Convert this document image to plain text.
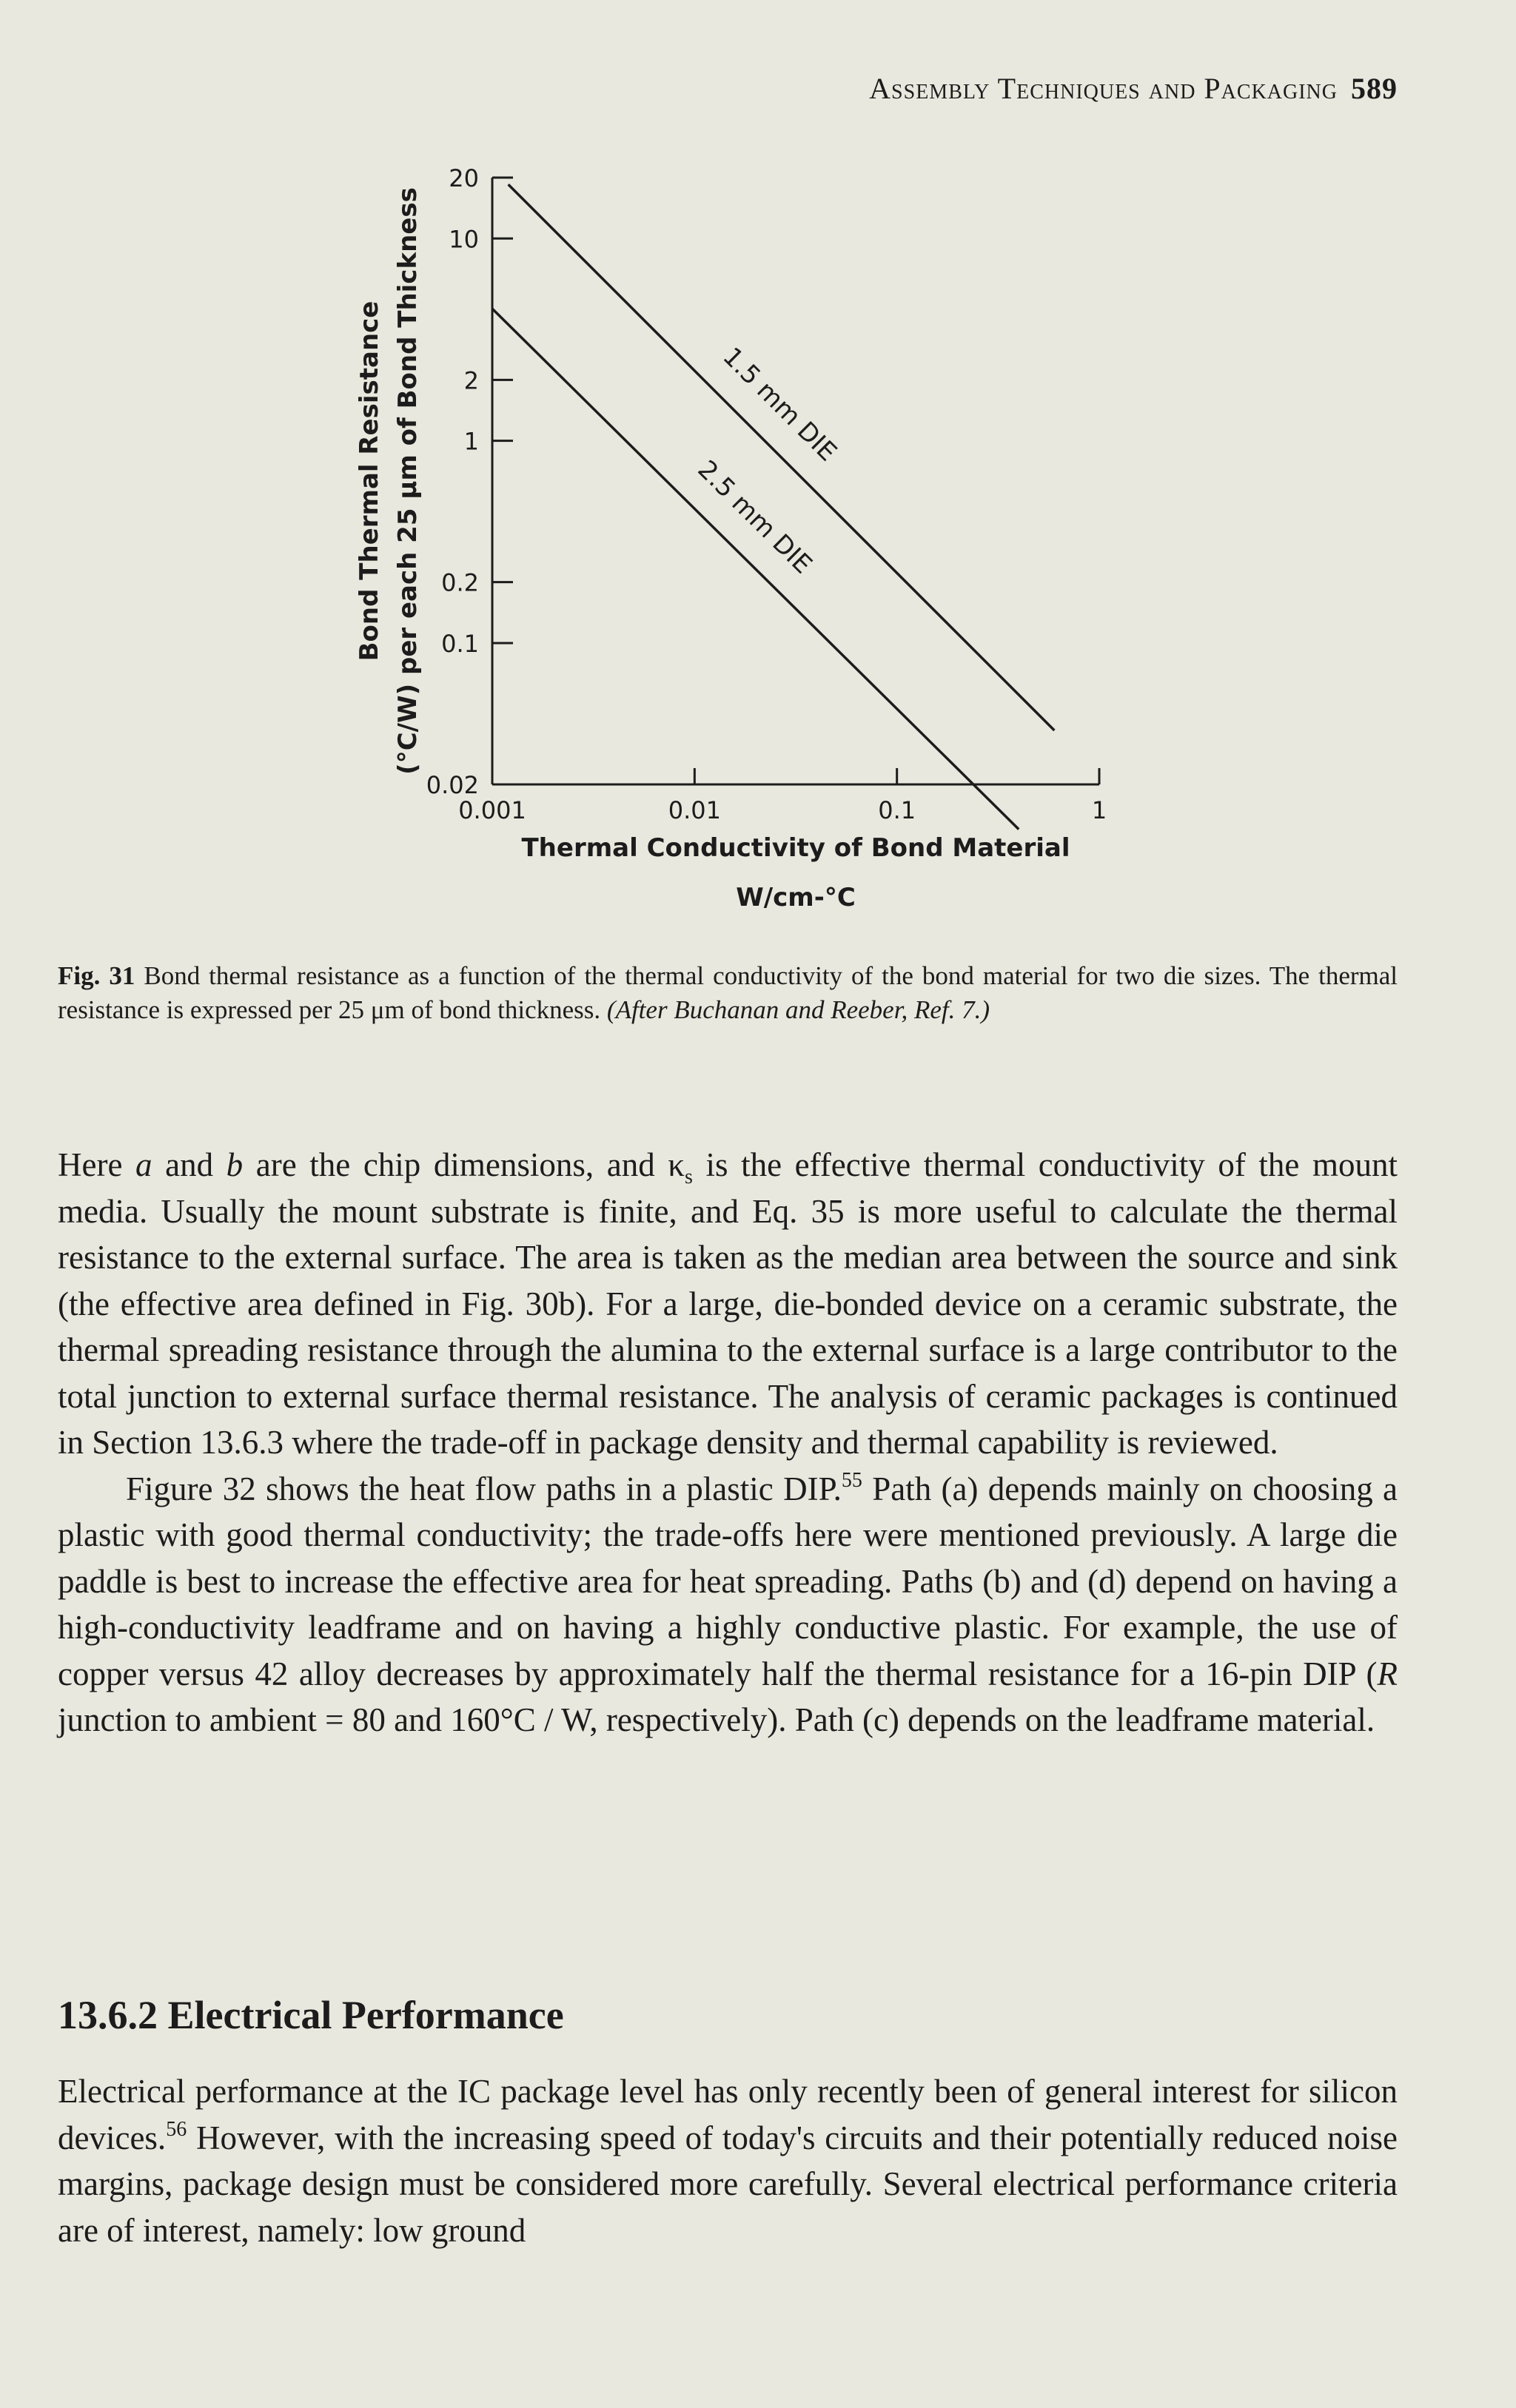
Assembly Techniques and Packaging 589
0.02
0.1
0.2
1
2
10
20
0.001	0.01	0.1	1
1.5 mm DIE
2.5 mm DIE
Bond Thermal Resistance (°C/W) per each 25 μm of Bond Thickness
Thermal Conductivity of Bond Material
W/cm-°C
Fig. 31 Bond thermal resistance as a function of the thermal conductivity of the bond material for two die sizes. The thermal resistance is expressed per 25 μm of bond thickness. (After Buchanan and Reeber, Ref. 7.)

Here a and b are the chip dimensions, and $\kappa_s$ is the effective thermal conductivity of the mount media. Usually the mount substrate is finite, and Eq. 35 is more useful to calculate the thermal resistance to the external surface. The area is taken as the median area between the source and sink (the effective area defined in Fig. 30b). For a large, die-bonded device on a ceramic substrate, the thermal spreading resistance through the alumina to the external surface is a large contributor to the total junction to external surface thermal resistance. The analysis of ceramic packages is continued in Section 13.6.3 where the trade-off in package density and thermal capability is reviewed.

Figure 32 shows the heat flow paths in a plastic DIP.$^{55}$ Path (a) depends mainly on choosing a plastic with good thermal conductivity; the trade-offs here were mentioned previously. A large die paddle is best to increase the effective area for heat spreading. Paths (b) and (d) depend on having a high-conductivity leadframe and on having a highly conductive plastic. For example, the use of copper versus 42 alloy decreases by approximately half the thermal resistance for a 16-pin DIP (R junction to ambient = 80 and 160°C / W, respectively). Path (c) depends on the leadframe material.

13.6.2 Electrical Performance

Electrical performance at the IC package level has only recently been of general interest for silicon devices.$^{56}$ However, with the increasing speed of today's circuits and their potentially reduced noise margins, package design must be considered more carefully. Several electrical performance criteria are of interest, namely: low ground
